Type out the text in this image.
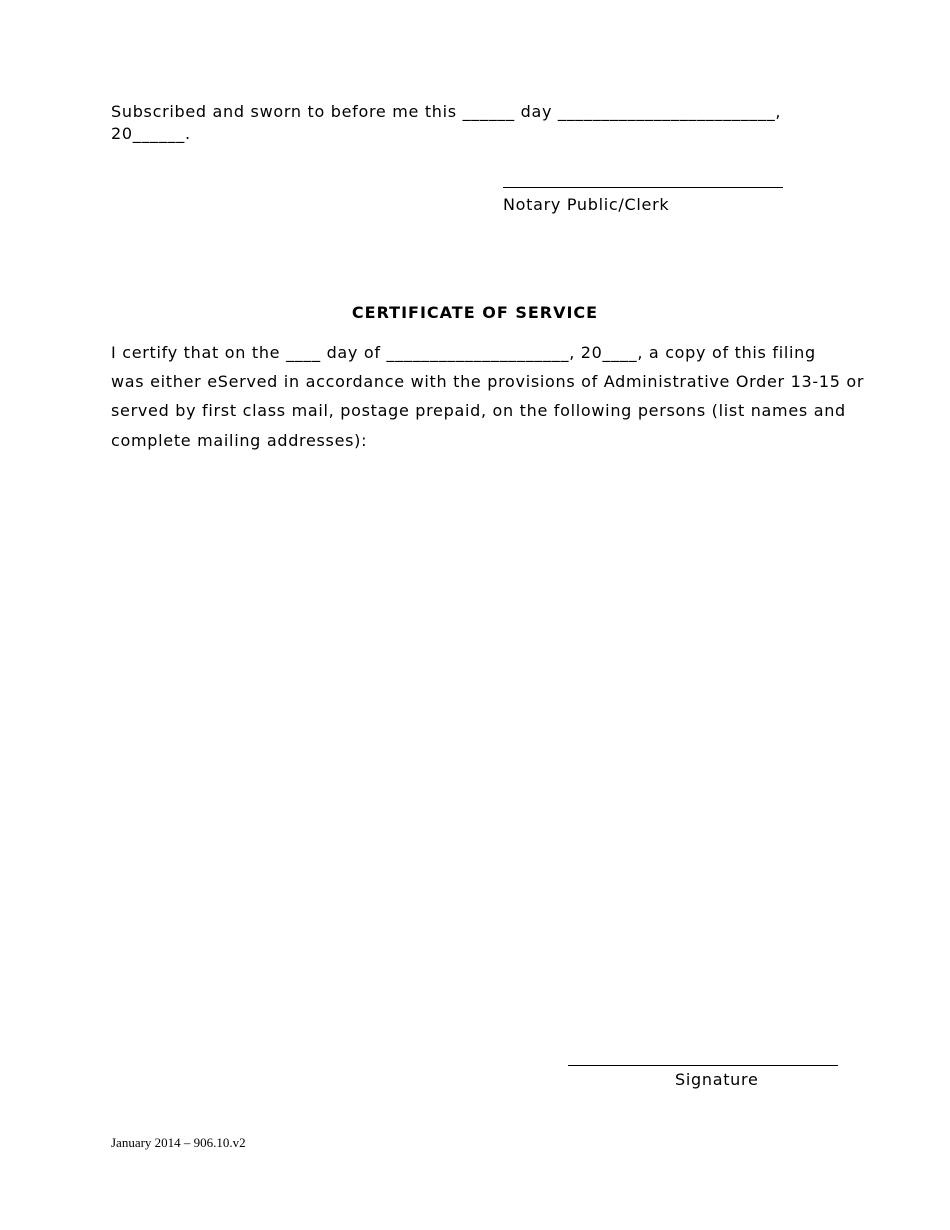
Subscribed and sworn to before me this ______ day _________________________,
20______.
Notary Public/Clerk
CERTIFICATE OF SERVICE
I certify that on the ____ day of _____________________, 20____, a copy of this filing
was either eServed in accordance with the provisions of Administrative Order 13-15 or
served by first class mail, postage prepaid, on the following persons (list names and
complete mailing addresses):
Signature
January 2014 – 906.10.v2
